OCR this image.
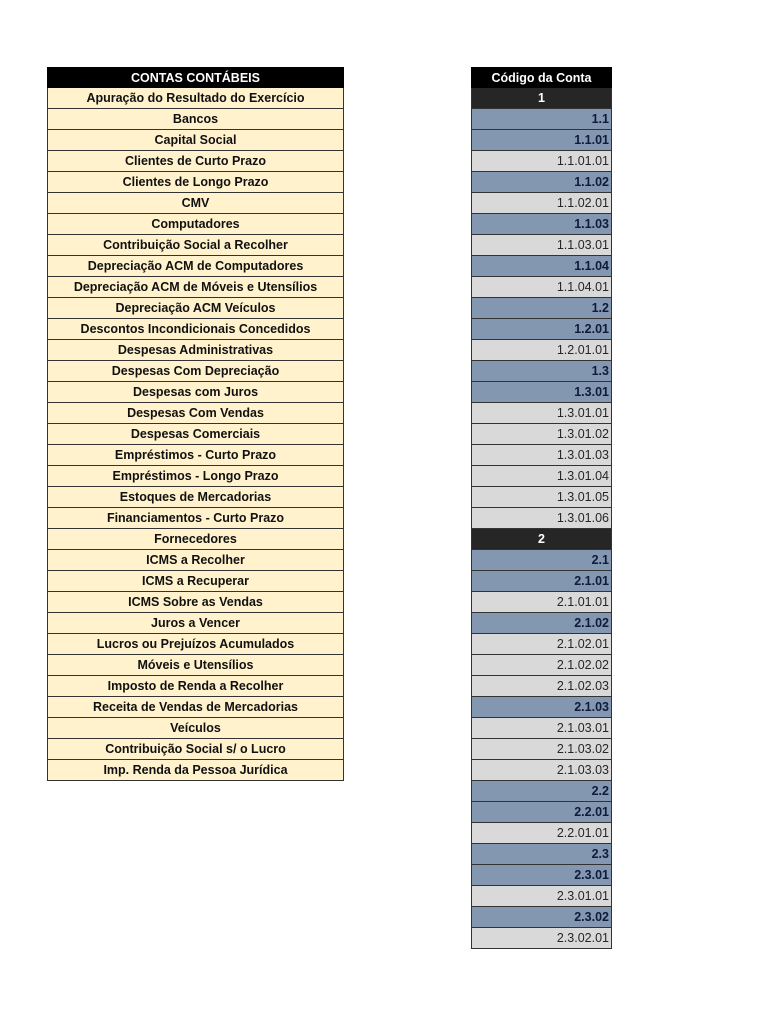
CONTAS CONTÁBEIS
Apuração do Resultado do Exercício
Bancos
Capital Social
Clientes de Curto Prazo
Clientes de Longo Prazo
CMV
Computadores
Contribuição Social a Recolher
Depreciação ACM de Computadores
Depreciação ACM de Móveis e Utensílios
Depreciação ACM Veículos
Descontos Incondicionais Concedidos
Despesas Administrativas
Despesas Com Depreciação
Despesas com Juros
Despesas Com Vendas
Despesas Comerciais
Empréstimos - Curto Prazo
Empréstimos - Longo Prazo
Estoques de Mercadorias
Financiamentos - Curto Prazo
Fornecedores
ICMS a Recolher
ICMS a Recuperar
ICMS Sobre as Vendas
Juros a Vencer
Lucros ou Prejuízos Acumulados
Móveis e Utensílios
Imposto de Renda a Recolher
Receita de Vendas de Mercadorias
Veículos
Contribuição Social s/ o Lucro
Imp. Renda da Pessoa Jurídica
Código da Conta
1
1.1
1.1.01
1.1.01.01
1.1.02
1.1.02.01
1.1.03
1.1.03.01
1.1.04
1.1.04.01
1.2
1.2.01
1.2.01.01
1.3
1.3.01
1.3.01.01
1.3.01.02
1.3.01.03
1.3.01.04
1.3.01.05
1.3.01.06
2
2.1
2.1.01
2.1.01.01
2.1.02
2.1.02.01
2.1.02.02
2.1.02.03
2.1.03
2.1.03.01
2.1.03.02
2.1.03.03
2.2
2.2.01
2.2.01.01
2.3
2.3.01
2.3.01.01
2.3.02
2.3.02.01
